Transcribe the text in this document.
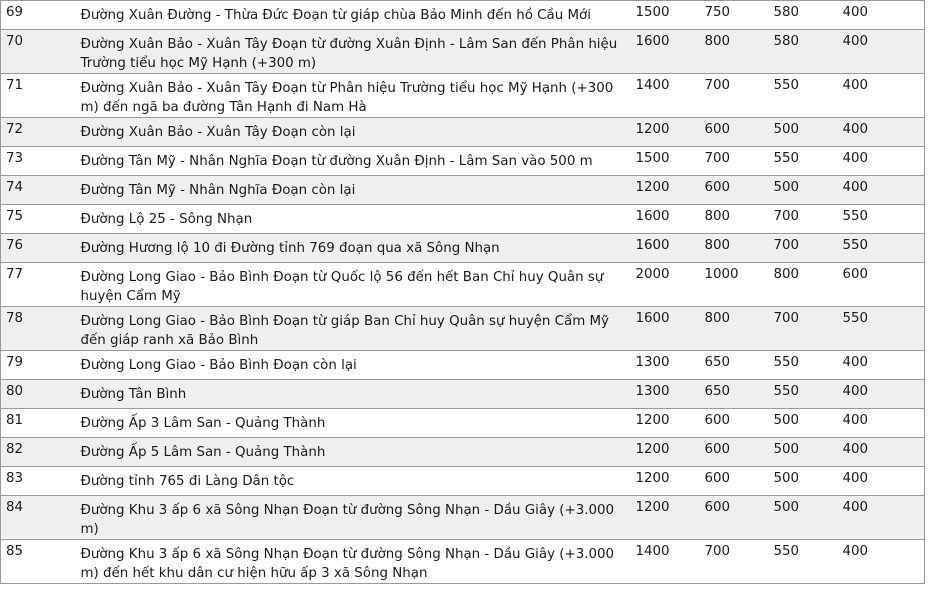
69	Đường Xuân Đường - Thừa Đức Đoạn từ giáp chùa Bảo Minh đến hồ Cầu Mới	1500	750	580	400
70	Đường Xuân Bảo - Xuân Tây Đoạn từ đường Xuân Định - Lâm San đến Phân hiệu Trường tiểu học Mỹ Hạnh (+300 m)	1600	800	580	400
71	Đường Xuân Bảo - Xuân Tây Đoạn từ Phân hiệu Trường tiểu học Mỹ Hạnh (+300 m) đến ngã ba đường Tân Hạnh đi Nam Hà	1400	700	550	400
72	Đường Xuân Bảo - Xuân Tây Đoạn còn lại	1200	600	500	400
73	Đường Tân Mỹ - Nhân Nghĩa Đoạn từ đường Xuân Định - Lâm San vào 500 m	1500	700	550	400
74	Đường Tân Mỹ - Nhân Nghĩa Đoạn còn lại	1200	600	500	400
75	Đường Lộ 25 - Sông Nhạn	1600	800	700	550
76	Đường Hương lộ 10 đi Đường tỉnh 769 đoạn qua xã Sông Nhạn	1600	800	700	550
77	Đường Long Giao - Bảo Bình Đoạn từ Quốc lộ 56 đến hết Ban Chỉ huy Quân sự huyện Cẩm Mỹ	2000	1000	800	600
78	Đường Long Giao - Bảo Bình Đoạn từ giáp Ban Chỉ huy Quân sự huyện Cẩm Mỹ đến giáp ranh xã Bảo Bình	1600	800	700	550
79	Đường Long Giao - Bảo Bình Đoạn còn lại	1300	650	550	400
80	Đường Tân Bình	1300	650	550	400
81	Đường Ấp 3 Lâm San - Quảng Thành	1200	600	500	400
82	Đường Ấp 5 Lâm San - Quảng Thành	1200	600	500	400
83	Đường tỉnh 765 đi Làng Dân tộc	1200	600	500	400
84	Đường Khu 3 ấp 6 xã Sông Nhạn Đoạn từ đường Sông Nhạn - Dầu Giây (+3.000 m)	1200	600	500	400
85	Đường Khu 3 ấp 6 xã Sông Nhạn Đoạn từ đường Sông Nhạn - Dầu Giây (+3.000 m) đến hết khu dân cư hiện hữu ấp 3 xã Sông Nhạn	1400	700	550	400
